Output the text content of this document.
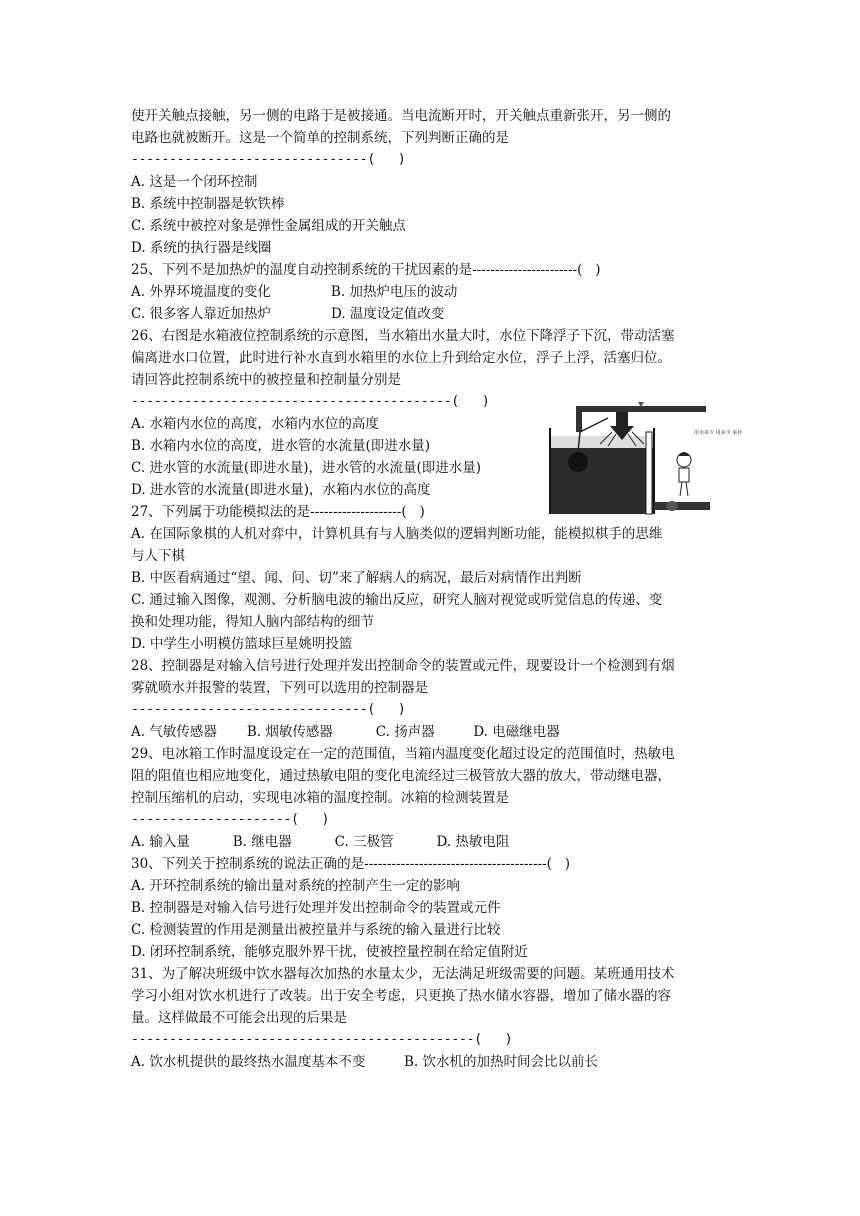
使开关触点接触，另一侧的电路于是被接通。当电流断开时，开关触点重新张开，另一侧的
电路也就被断开。这是一个简单的控制系统，下列判断正确的是
-------------------------------(   )
A. 这是一个闭环控制
B. 系统中控制器是软铁棒
C. 系统中被控对象是弹性金属组成的开关触点
D. 系统的执行器是线圈
25、下列不是加热炉的温度自动控制系统的干扰因素的是-----------------------(   )
A. 外界环境温度的变化              B. 加热炉电压的波动
C. 很多客人靠近加热炉              D. 温度设定值改变
26、右图是水箱液位控制系统的示意图，当水箱出水量大时，水位下降浮子下沉，带动活塞
偏离进水口位置，此时进行补水直到水箱里的水位上升到给定水位，浮子上浮，活塞归位。
请回答此控制系统中的被控量和控制量分别是
------------------------------------------(   )
A. 水箱内水位的高度，水箱内水位的高度
B. 水箱内水位的高度，进水管的水流量(即进水量)
C. 进水管的水流量(即进水量)，进水管的水流量(即进水量)
D. 进水管的水流量(即进水量)，水箱内水位的高度
27、下列属于功能模拟法的是--------------------(   )
A. 在国际象棋的人机对弈中，计算机具有与人脑类似的逻辑判断功能，能模拟棋手的思维
与人下棋
B. 中医看病通过“望、闻、问、切”来了解病人的病况，最后对病情作出判断
C. 通过输入图像，观测、分析脑电波的输出反应，研究人脑对视觉或听觉信息的传递、变
换和处理功能，得知人脑内部结构的细节
D. 中学生小明模仿篮球巨星姚明投篮
28、控制器是对输入信号进行处理并发出控制命令的装置或元件，现要设计一个检测到有烟
雾就喷水并报警的装置，下列可以选用的控制器是
-------------------------------(   )
A. 气敏传感器       B. 烟敏传感器          C. 扬声器         D. 电磁继电器
29、电冰箱工作时温度设定在一定的范围值，当箱内温度变化超过设定的范围值时，热敏电
阻的阻值也相应地变化，通过热敏电阻的变化电流经过三极管放大器的放大，带动继电器，
控制压缩机的启动，实现电冰箱的温度控制。冰箱的检测装置是
---------------------(   )
A. 输入量          B. 继电器          C. 三极管          D. 热敏电阻
30、下列关于控制系统的说法正确的是----------------------------------------(   )
A. 开环控制系统的输出量对系统的控制产生一定的影响
B. 控制器是对输入信号进行处理并发出控制命令的装置或元件
C. 检测装置的作用是测量出被控量并与系统的输入量进行比较
D. 闭环控制系统，能够克服外界干扰，使被控量控制在给定值附近
31、为了解决班级中饮水器每次加热的水量太少，无法满足班级需要的问题。某班通用技术
学习小组对饮水机进行了改装。出于安全考虑，只更换了热水储水容器，增加了储水器的容
量。这样做最不可能会出现的后果是
---------------------------------------------(   )
A. 饮水机提供的最终热水温度基本不变         B. 饮水机的加热时间会比以前长
用水多少 用多少 来补
